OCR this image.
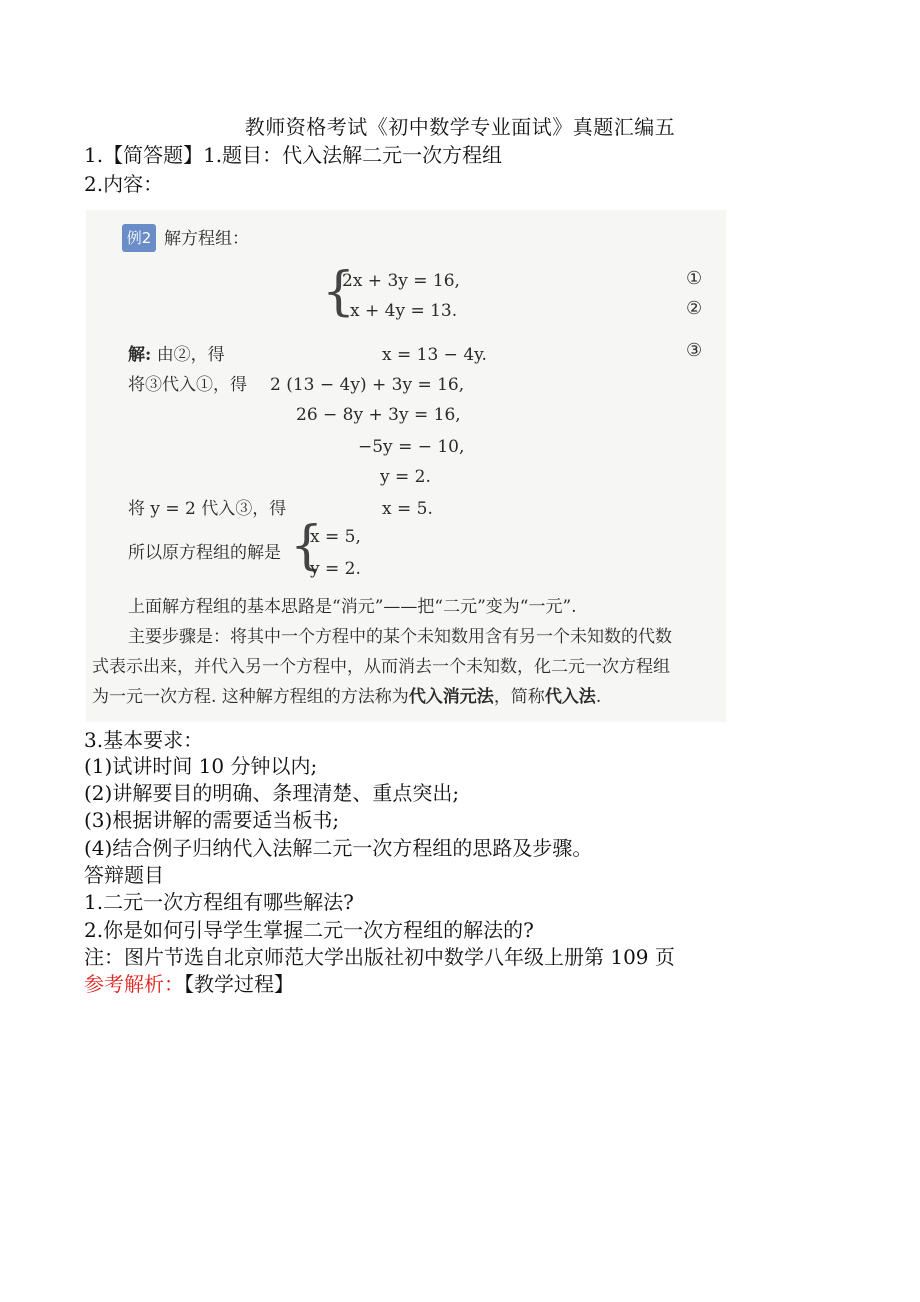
教师资格考试《初中数学专业面试》真题汇编五
1.【简答题】1.题目：代入法解二元一次方程组
2.内容：
例2 解方程组：
{
2x + 3y = 16,
x + 4y = 13.
①
②
解: 由②，得	x = 13 − 4y.	③
将③代入①，得 2 (13 − 4y) + 3y = 16,
26 − 8y + 3y = 16,
−5y = − 10,
y = 2.
将 y = 2 代入③，得	x = 5.
所以原方程组的解是 {
x = 5,
y = 2.
上面解方程组的基本思路是“消元”——把“二元”变为“一元”.
主要步骤是：将其中一个方程中的某个未知数用含有另一个未知数的代数
式表示出来，并代入另一个方程中，从而消去一个未知数，化二元一次方程组
为一元一次方程. 这种解方程组的方法称为代入消元法，简称代入法.
3.基本要求：
(1)试讲时间 10 分钟以内;
(2)讲解要目的明确、条理清楚、重点突出;
(3)根据讲解的需要适当板书;
(4)结合例子归纳代入法解二元一次方程组的思路及步骤。
答辩题目
1.二元一次方程组有哪些解法?
2.你是如何引导学生掌握二元一次方程组的解法的?
注：图片节选自北京师范大学出版社初中数学八年级上册第 109 页
参考解析：【教学过程】
